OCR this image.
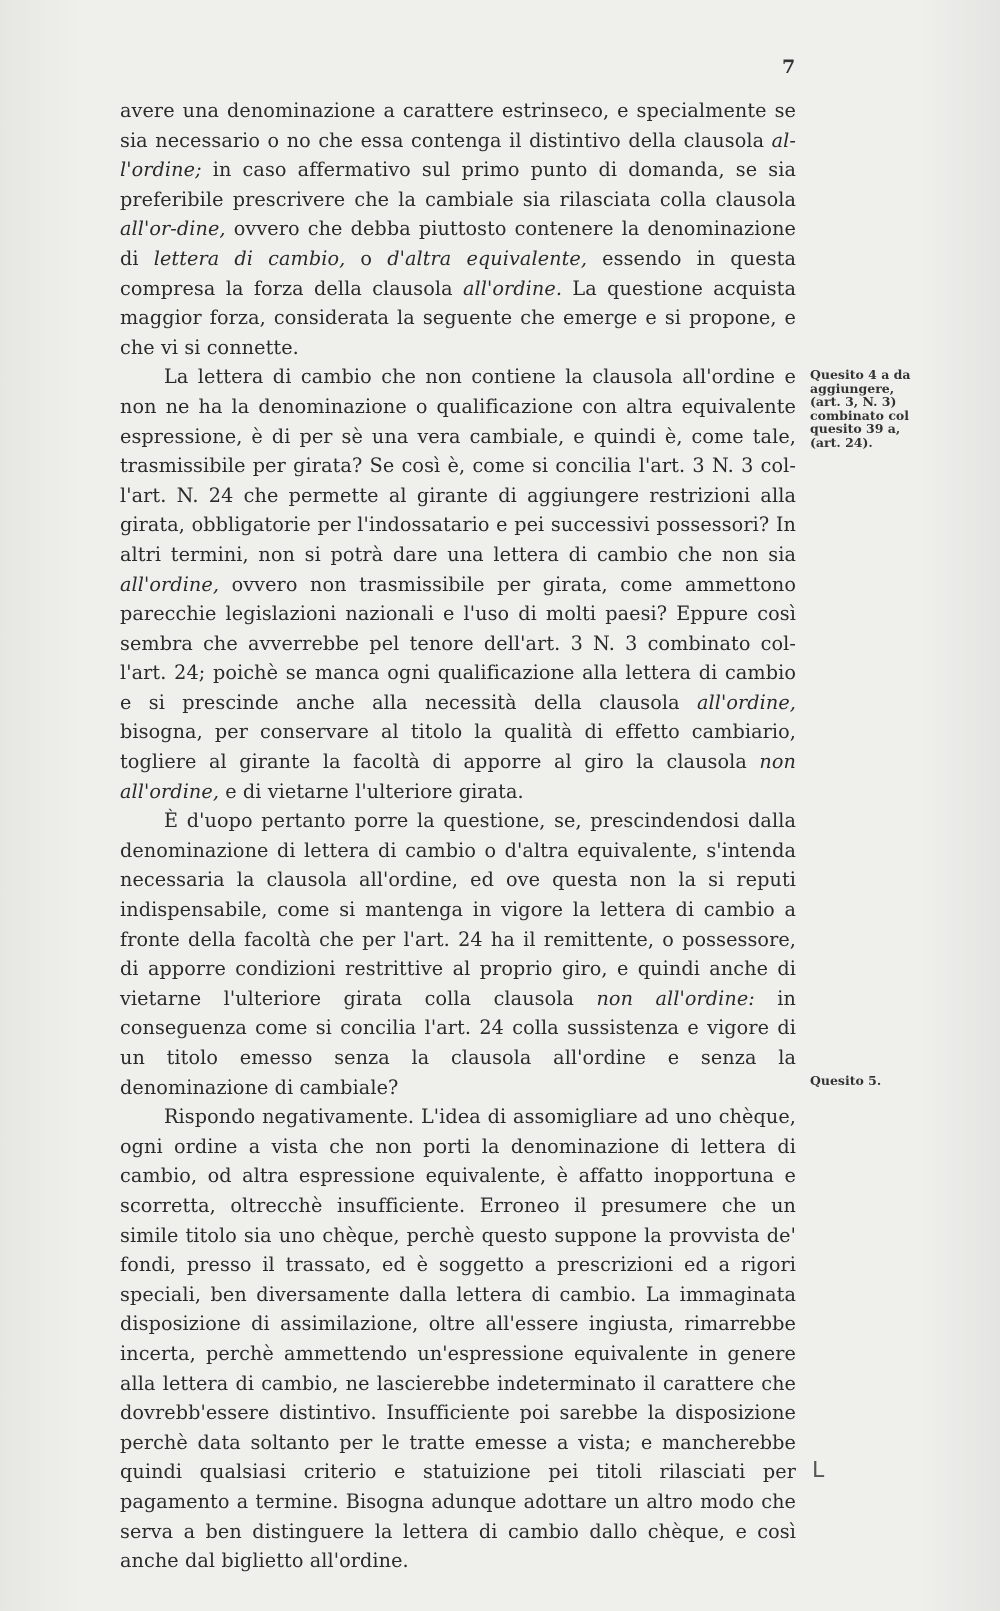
7

avere una denominazione a carattere estrinseco, e specialmente se sia necessario o no che essa contenga il distintivo della clausola al-l'ordine; in caso affermativo sul primo punto di domanda, se sia preferibile prescrivere che la cambiale sia rilasciata colla clausola all'or-dine, ovvero che debba piuttosto contenere la denominazione di lettera di cambio, o d'altra equivalente, essendo in questa compresa la forza della clausola all'ordine. La questione acquista maggior forza, considerata la seguente che emerge e si propone, e che vi si connette.

La lettera di cambio che non contiene la clausola all'ordine e non ne ha la denominazione o qualificazione con altra equivalente espressione, è di per sè una vera cambiale, e quindi è, come tale, trasmissibile per girata? Se così è, come si concilia l'art. 3 N. 3 col-l'art. N. 24 che permette al girante di aggiungere restrizioni alla girata, obbligatorie per l'indossatario e pei successivi possessori? In altri termini, non si potrà dare una lettera di cambio che non sia all'ordine, ovvero non trasmissibile per girata, come ammettono parecchie legislazioni nazionali e l'uso di molti paesi? Eppure così sembra che avverrebbe pel tenore dell'art. 3 N. 3 combinato col-l'art. 24; poichè se manca ogni qualificazione alla lettera di cambio e si prescinde anche alla necessità della clausola all'ordine, bisogna, per conservare al titolo la qualità di effetto cambiario, togliere al girante la facoltà di apporre al giro la clausola non all'ordine, e di vietarne l'ulteriore girata.

È d'uopo pertanto porre la questione, se, prescindendosi dalla denominazione di lettera di cambio o d'altra equivalente, s'intenda necessaria la clausola all'ordine, ed ove questa non la si reputi indispensabile, come si mantenga in vigore la lettera di cambio a fronte della facoltà che per l'art. 24 ha il remittente, o possessore, di apporre condizioni restrittive al proprio giro, e quindi anche di vietarne l'ulteriore girata colla clausola non all'ordine: in conseguenza come si concilia l'art. 24 colla sussistenza e vigore di un titolo emesso senza la clausola all'ordine e senza la denominazione di cambiale?

Rispondo negativamente. L'idea di assomigliare ad uno chèque, ogni ordine a vista che non porti la denominazione di lettera di cambio, od altra espressione equivalente, è affatto inopportuna e scorretta, oltrecchè insufficiente. Erroneo il presumere che un simile titolo sia uno chèque, perchè questo suppone la provvista de' fondi, presso il trassato, ed è soggetto a prescrizioni ed a rigori speciali, ben diversamente dalla lettera di cambio. La immaginata disposizione di assimilazione, oltre all'essere ingiusta, rimarrebbe incerta, perchè ammettendo un'espressione equivalente in genere alla lettera di cambio, ne lascierebbe indeterminato il carattere che dovrebb'essere distintivo. Insufficiente poi sarebbe la disposizione perchè data soltanto per le tratte emesse a vista; e mancherebbe quindi qualsiasi criterio e statuizione pei titoli rilasciati per pagamento a termine. Bisogna adunque adottare un altro modo che serva a ben distinguere la lettera di cambio dallo chèque, e così anche dal biglietto all'ordine.

Quesito 4 a da aggiungere, (art. 3, N. 3) combinato col quesito 39 a, (art. 24).
Quesito 5.
ᒪ
